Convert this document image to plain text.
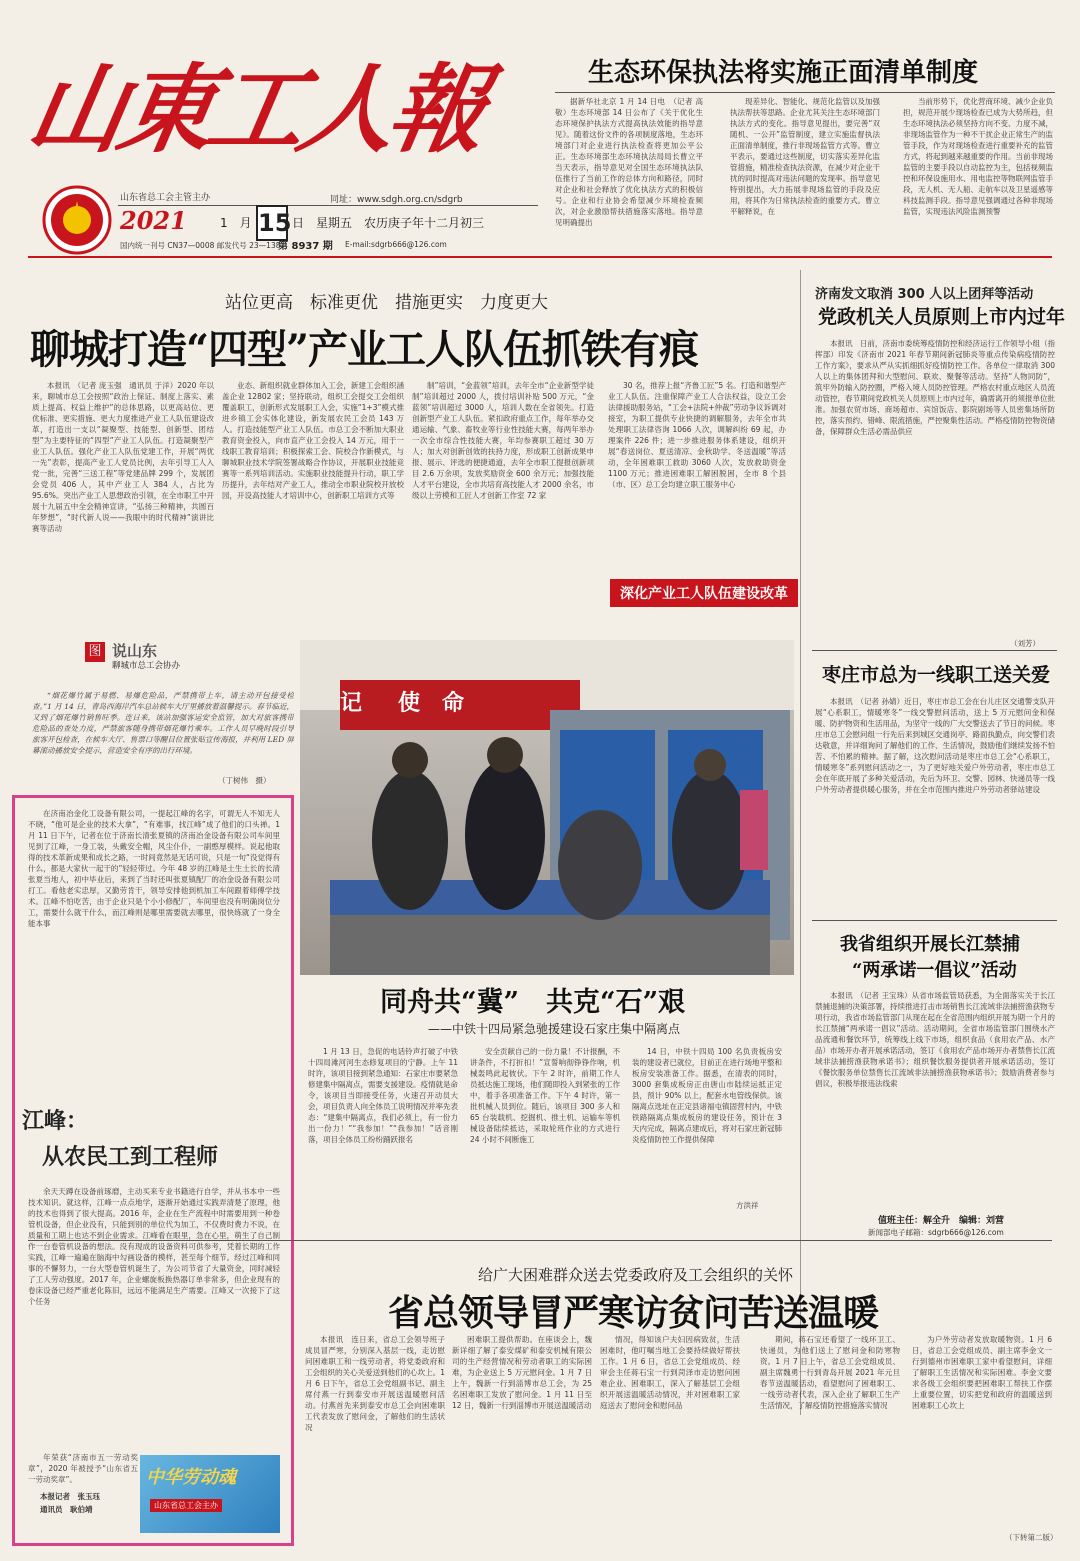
山東工人報
山东省总工会主管主办	同址：www.sdgh.org.cn/sdgrb
2021	1　月 15 日　星期五　农历庚子年十二月初三
国内统一刊号 CN37—0008 邮发代号 23—138
第 8937 期 E-mail:sdgrb666@126.com
生态环保执法将实施正面清单制度

据新华社北京 1 月 14 日电　（记者 高敬）生态环境部 14 日公布了《关于优化生态环境保护执法方式提高执法效能的指导意见》。随着这份文件的各项制度落地，生态环境部门对企业进行执法检查将更加公平公正。生态环境部生态环境执法局局长曹立平当天表示，指导意见对全国生态环境执法队伍推行了当前工作的总体方向和路径，同时对企业和社会释放了优化执法方式的积极信号。企业和行业协会希望减少环境检查频次，对企业激励帮扶措施落实落地。指导意见明确提出

现差异化、智能化、规范化监管以及加强执法帮扶等思路。企业尤其关注生态环境部门执法方式的变化。指导意见提出，要完善“双随机、一公开”监管制度，建立实施监督执法正面清单制度，推行非现场监管方式等。曹立平表示，要通过这些制度，切实落实差异化监管措施，精准检查执法资源，在减少对企业干扰的同时提高对违法问题的发现率。指导意见特别提出，大力拓展非现场监管的手段及应用，将其作为日常执法检查的重要方式。曹立平解释说，在

当前形势下，优化营商环境、减少企业负担，规范开展少现场检查已成为大势所趋，但生态环境执法必须坚持方向不变、力度不减，非现场监管作为一种不干扰企业正常生产的监管手段，作为对现场检查进行重要补充的监管方式，将起到越来越重要的作用。当前非现场监管的主要手段以自动监控为主，包括视频监控和环保设施用水、用电监控等物联网监管手段，无人机、无人船、走航车以及卫星遥感等科技监测手段。指导意见强调通过各种非现场监管，实现违法风险监测预警

站位更高　标准更优　措施更实　力度更大
聊城打造“四型”产业工人队伍抓铁有痕

本报讯　（记者 庞玉强　通讯员 于洋）2020 年以来，聊城市总工会按照“政治上保证、制度上落实、素质上提高、权益上维护”的总体思路，以更高站位、更优标准、更实措施、更大力度推进产业工人队伍建设改革，打造出一支以“凝聚型、技能型、创新型、团结型”为主要特征的“四型”产业工人队伍。打造凝聚型产业工人队伍。强化产业工人队伍党建工作，开展“两优一先”表彰，提高产业工人党员比例，去年引导工人入党一批，完善“三送工程”等党建品牌 299 个，发展团会党员 406 人，其中产业工人 384 人，占比为 95.6%。突出产业工人思想政治引领，在全市职工中开展十九届五中全会精神宣讲，“弘扬三种精神，共圆百年梦想”，“时代新人说——我眼中的时代精神”演讲比赛等活动

业态、新组织就业群体加入工会，新建工会组织涵盖企业 12802 家；坚持联动，组织工会提交工会组织覆盖职工，创新形式发展职工入会，实施“1+3”模式推进乡镇工会实体化建设，新发展农民工会员 143 万人。打造技能型产业工人队伍。市总工会不断加大职业教育资金投入，向市直产业工会投入 14 万元，用于一线职工教育培训；积极探索工会、院校合作新模式，与聊城职业技术学院签署战略合作协议，开展职业技能竞赛等一系列培训活动。实施职业技能提升行动，职工学历提升，去年结对产业工人，推动全市职业院校开放校园，开设高技能人才培训中心，创新职工培训方式等

制”培训，“金蓝领”培训，去年全市“企业新型学徒制”培训超过 2000 人，拨付培训补贴 500 万元，“金蓝领”培训超过 3000 人，培训人数在全省领先。打造创新型产业工人队伍。紧扣政府重点工作，每年举办交通运输、气象、畜牧业等行业性技能大赛，每两年举办一次全市综合性技能大赛，年均参赛职工超过 30 万人；加大对创新创效的扶持力度，形成职工创新成果申报、展示、评选的便捷通道，去年全市职工提报创新项目 2.6 万余项，发放奖励资金 600 余万元；加强技能人才平台建设，全市共培育高技能人才 2000 余名，市级以上劳模和工匠人才创新工作室 72 家

30 名，推荐上报“齐鲁工匠”5 名。打造和谐型产业工人队伍。注重保障产业工人合法权益，设立工会法律援助服务站，“工会+法院+仲裁”劳动争议诉调对接室，为职工提供专业快捷的调解服务，去年全市共处理职工法律咨询 1066 人次，调解纠纷 69 起，办理案件 226 件；进一步推进服务体系建设，组织开展“春送岗位、夏送清凉、金秋助学、冬送温暖”等活动，全年困难职工救助 3060 人次，发放救助资金 1100 万元；推进困难职工解困脱困，全市 8 个县（市、区）总工会均建立职工服务中心

深化产业工人队伍建设改革
图 说山东
聊城市总工会协办

“烟花爆竹属于易燃、易爆危险品，严禁携带上车，请主动开包接受检查。”1 月 14 日，青岛西海岸汽车总站候车大厅里播放着温馨提示。春节临近，又到了烟花爆竹销售旺季。连日来，该站加强客运安全监管，加大对旅客携带危险品的查处力度，严禁旅客随身携带烟花爆竹乘车。工作人员早晚时段引导旅客开包检查，在候车大厅、售票口等醒目位置张贴宣传海报，并利用 LED 屏幕滚动播放安全提示，营造安全有序的出行环境。

（丁树伟　摄）
记 使　命
同舟共“冀”　共克“石”艰
——中铁十四局紧急驰援建设石家庄集中隔离点

1 月 13 日，急促的电话铃声打破了中铁十四局滩河河生态修复项目的宁静。上午 11 时许，该项目接到紧急通知：石家庄市要紧急修建集中隔离点，需要支援建设。疫情就是命令，该项目当即接受任务，火速召开动员大会，项目负责人向全体员工说明情况并率先表态：“建集中隔离点，我们必须上，有一份力出一份力！”“我参加！”“我参加！”话音刚落，项目全体员工纷纷踊跃报名

安全贡献自己的一份力量！不计报酬，不讲条件，不打折扣！”宣誓响彻铮铮作响，机械轰鸣此起彼伏。下午 2 时许，前期工作人员抵达施工现场，他们随即投入到紧张的工作中，着手各项准备工作。下午 4 时许，第一批机械人员到位。随后，该项目 300 多人和 65 台装载机、挖掘机、推土机、运输车等机械设备陆续抵达，采取轮班作业的方式进行 24 小时不间断施工

14 日，中铁十四局 100 名负责板房安装的建设者已就位，目前正在进行场地平整和板房安装准备工作。据悉，在清表的同时，3000 套集成板房正由唐山市陆续运抵正定县，预计 90% 以上，配套水电管线保供。该隔离点选址在正定县诸福屯镇固营村内，中铁铁路隔离点集成板房的建设任务，预计在 3 天内完成，隔离点建成后，将对石家庄新冠肺炎疫情防控工作提供保障

方洪祥

在济南冶金化工设备有限公司，一提起江峰的名字，可谓无人不知无人不晓，“他可是企业的技术大拿”，“有难事，找江峰”成了他们的口头禅。1 月 11 日下午，记者在位于济南长清张夏镇的济南冶金设备有限公司车间里见到了江峰，一身工装，头戴安全帽，风尘仆仆，一副憨厚模样。说起他取得的技术革新成果和成长之路，一时间竟然是无话可说，只是一句“没觉得有什么，都是大家伙一起干的”轻轻带过。今年 48 岁的江峰是土生土长的长清张夏当地人，初中毕业后，来到了当时还叫张夏镇配厂的冶金设备有限公司打工。看他老实忠厚，又勤劳肯干，领导安排他到机加工车间跟着师傅学技术。江峰不怕吃苦，由于企业只是个小小修配厂，车间里也没有明确岗位分工，需要什么就干什么，而江峰则是哪里需要就去哪里，很快练就了一身全能本事

江峰：
从农民工到工程师

余天天蹲在设备前琢磨，主动买来专业书籍进行自学，并从书本中一些技术知识。就这样，江峰一点点地学，逐渐开始通过实践弄清楚了原理，他的技术也得到了很大提高。2016 年，企业在生产流程中时需要用到一种卷管机设备，但企业没有，只能到别的单位代为加工，不仅费时费力不说，在质量和工期上也达不到企业需求。江峰看在眼里，急在心里，萌生了自己制作一台卷管机设备的想法。没有现成的设备资料可供参考，凭着长期的工作实践，江峰一遍遍在脑海中勾画设备的模样，甚至每个细节。经过江峰和同事的不懈努力，一台大型卷管机诞生了，为公司节省了大量资金，同时减轻了工人劳动强度。2017 年，企业螺旋板换热器订单非常多，但企业现有的卷床设备已经严重老化陈旧，远远不能满足生产需要。江峰又一次接下了这个任务

年荣获“济南市五一劳动奖章”，2020 年被授予“山东省五一劳动奖章”。

本报记者　张玉珏
通讯员　耿伯靖
中华劳动魂
山东省总工会主办
济南发文取消 300 人以上团拜等活动
党政机关人员原则上市内过年

本报讯　日前，济南市委统筹疫情防控和经济运行工作领导小组（指挥部）印发《济南市 2021 年春节期间新冠肺炎等重点传染病疫情防控工作方案》，要求从严从实抓细抓好疫情防控工作。各单位一律取消 300 人以上的集体团拜和大型慰问、联欢、聚餐等活动。坚持“人物同防”，筑牢外防输入防控圈，严格入境人员防控管理。严格农村重点地区人员流动管控，春节期间党政机关人员原则上市内过年，确需离开的须报单位批准。加强农贸市场、商场超市、宾馆饭店、影院剧场等人员密集场所防控，落实预约、错峰、限流措施，严控聚集性活动。严格疫情防控物资储备，保障群众生活必需品供应

（刘芳）
枣庄市总为一线职工送关爱

本报讯　（记者 孙婧）近日，枣庄市总工会在台儿庄区交通警支队开展“心系职工，情暖寒冬”一线交警慰问活动，送上 5 万元慰问金和保暖、防护物资和生活用品，为坚守一线的广大交警送去了节日的问候。枣庄市总工会慰问组一行先后来到城区交通岗亭、路面执勤点，向交警们表达敬意，并详细询问了解他们的工作、生活情况，鼓励他们继续发扬不怕苦、不怕累的精神。据了解，这次慰问活动是枣庄市总工会“心系职工，情暖寒冬”系列慰问活动之一，为了更好地关爱户外劳动者，枣庄市总工会在年底开展了多种关爱活动，先后为环卫、交警、园林、快递员等一线户外劳动者提供暖心服务，并在全市范围内推进户外劳动者驿站建设

我省组织开展长江禁捕
“两承诺一倡议”活动

本报讯　（记者 王宝珠）从省市场监管局获悉，为全面落实关于长江禁捕退捕的决策部署，持续推进打击市场销售长江流域非法捕捞渔获物专项行动，我省市场监管部门从现在起在全省范围内组织开展为期一个月的长江禁捕“两承诺一倡议”活动。活动期间，全省市场监管部门围绕水产品流通和餐饮环节，统筹线上线下市场，组织食品（食用农产品、水产品）市场开办者开展承诺活动，签订《食用农产品市场开办者禁售长江流域非法捕捞渔获物承诺书》；组织餐饮服务提供者开展承诺活动，签订《餐饮服务单位禁售长江流域非法捕捞渔获物承诺书》；鼓励消费者参与倡议，积极举报违法线索

值班主任：解全升　编辑：刘营
新闻部电子邮箱：sdgrb666@126.com
给广大困难群众送去党委政府及工会组织的关怀
省总领导冒严寒访贫问苦送温暖

本报讯　连日来，省总工会领导班子成员冒严寒，分别深入基层一线，走访慰问困难职工和一线劳动者，将党委政府和工会组织的关心关爱送到他们的心坎上。1 月 6 日下午，省总工会党组副书记、副主席付燕一行到泰安市开展送温暖慰问活动。付燕首先来到泰安市总工会向困难职工代表发放了慰问金，了解他们的生活状况

困难职工提供帮助。在座谈会上，魏新详细了解了泰安煤矿和泰安机械有限公司的生产经营情况和劳动者职工的实际困难，为企业送上 5 万元慰问金。1 月 7 日上午，魏新一行到淄博市总工会，为 25 名困难职工发放了慰问金。1 月 11 日至 12 日，魏新一行到淄博市开展送温暖活动

情况，得知该户夫妇因病致贫，生活困难时，他叮嘱当地工会要持续做好帮扶工作。1 月 6 日，省总工会党组成员、经审会主任蒋石宝一行到菏泽市走访慰问困难企业、困难职工，深入了解基层工会组织开展送温暖活动情况，并对困难职工家庭送去了慰问金和慰问品

期间，蒋石宝还看望了一线环卫工、快递员，为他们送上了慰问金和防寒物资。1 月 7 日上午，省总工会党组成员、副主席魏勇一行到青岛开展 2021 年元旦春节送温暖活动，看望慰问了困难职工、一线劳动者代表，深入企业了解职工生产生活情况，了解疫情防控措施落实情况

为户外劳动者发放取暖物资。1 月 6 日，省总工会党组成员、副主席李金文一行到德州市困难职工家中看望慰问，详细了解职工生活情况和实际困难。李金文要求各级工会组织要把困难职工帮扶工作摆上重要位置，切实把党和政府的温暖送到困难职工心坎上

（下转第二版）
